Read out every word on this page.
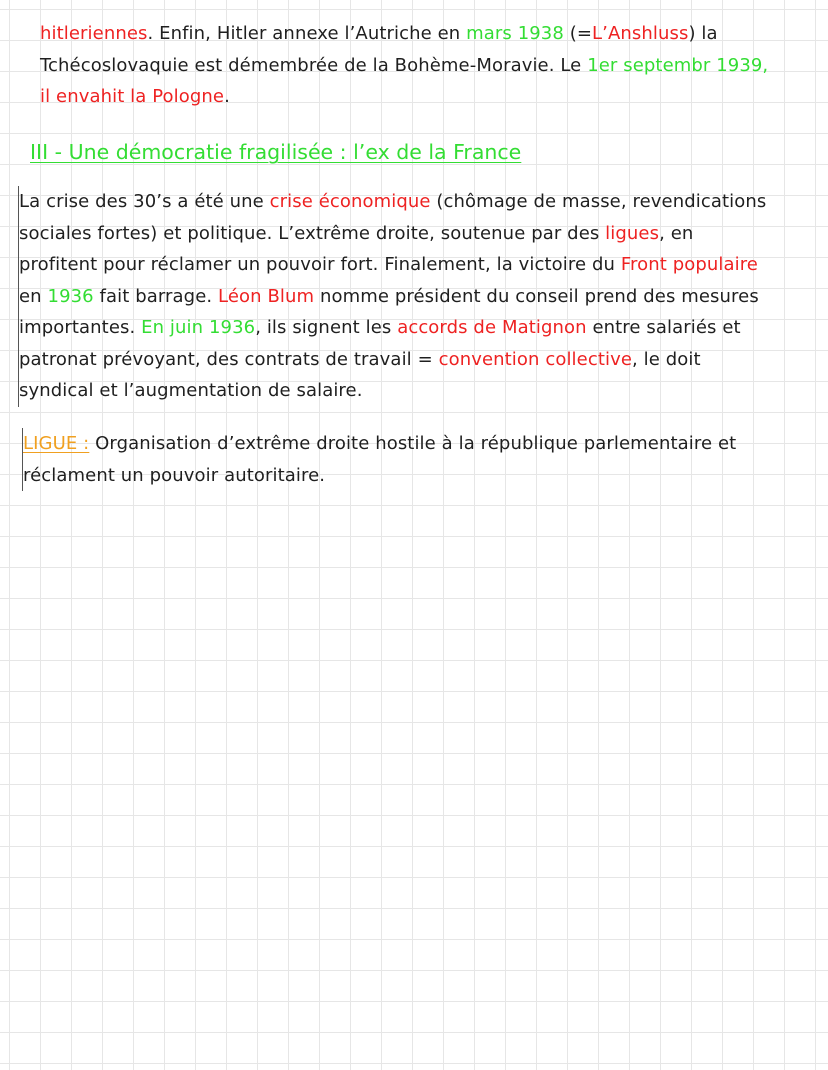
hitleriennes. Enfin, Hitler annexe l’Autriche en mars 1938 (=L’Anshluss) la
Tchécoslovaquie est démembrée de la Bohème-Moravie. Le 1er septembr 1939,
il envahit la Pologne.

III - Une démocratie fragilisée : l’ex de la France

La crise des 30’s a été une crise économique (chômage de masse, revendications
sociales fortes) et politique. L’extrême droite, soutenue par des ligues, en
profitent pour réclamer un pouvoir fort. Finalement, la victoire du Front populaire
en 1936 fait barrage. Léon Blum nomme président du conseil prend des mesures
importantes. En juin 1936, ils signent les accords de Matignon entre salariés et
patronat prévoyant, des contrats de travail = convention collective, le doit
syndical et l’augmentation de salaire.

LIGUE : Organisation d’extrême droite hostile à la république parlementaire et
réclament un pouvoir autoritaire.
